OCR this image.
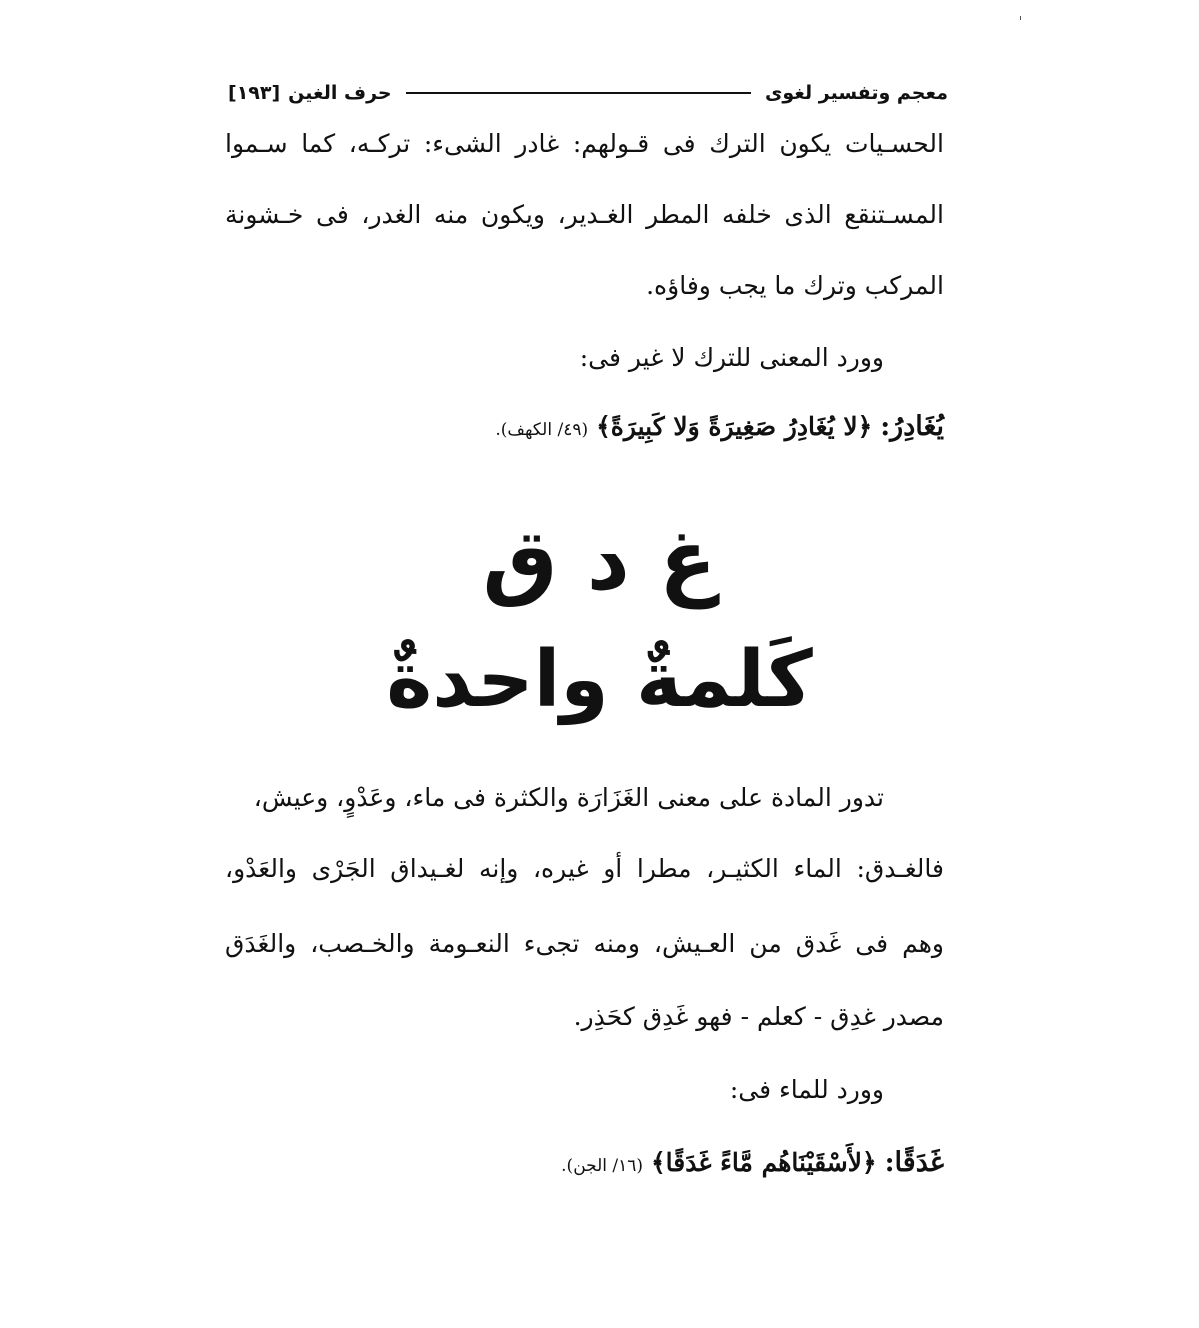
معجم وتفسير لغوى
حرف الغين
[١٩٣]
الحسـيات يكون الترك فى قـولهم: غادر الشىء: تركـه، كما سـموا
المسـتنقع الذى خلفه المطر الغـدير، ويكون منه الغدر، فى خـشونة
المركب وترك ما يجب وفاؤه.
وورد المعنى للترك لا غير فى:
يُغَادِرُ: ﴿لا يُغَادِرُ صَغِيرَةً وَلا كَبِيرَةً﴾ (٤٩/ الكهف).
غ د ق
كَلمةٌ واحدةٌ
تدور المادة على معنى الغَزَارَة والكثرة فى ماء، وعَدْوٍ، وعيش،
فالغـدق: الماء الكثيـر، مطرا أو غيره، وإنه لغـيداق الجَرْى والعَدْو،
وهم فى غَدق من العـيش، ومنه تجىء النعـومة والخـصب، والغَدَق
مصدر غدِق - كعلم - فهو غَدِق كحَذِر.
وورد للماء فى:
غَدَقًا: ﴿لأَسْقَيْنَاهُم مَّاءً غَدَقًا﴾ (١٦/ الجن).
